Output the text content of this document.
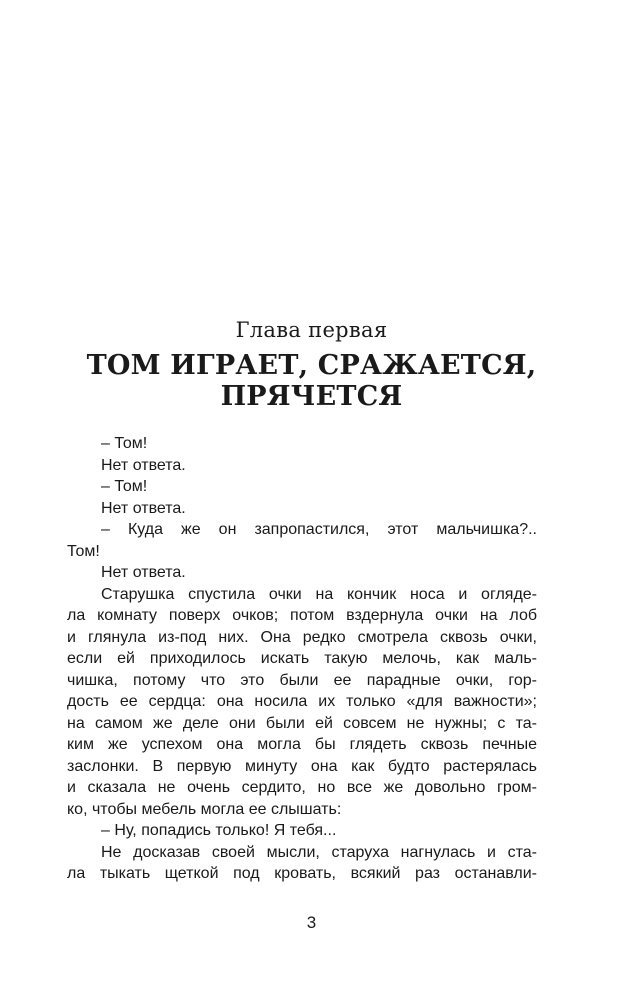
Глава первая
ТОМ ИГРАЕТ, СРАЖАЕТСЯ,
ПРЯЧЕТСЯ
– Том!
Нет ответа.
– Том!
Нет ответа.
– Куда же он запропастился, этот мальчишка?..
Том!
Нет ответа.
Старушка спустила очки на кончик носа и огляде-
ла комнату поверх очков; потом вздернула очки на лоб
и глянула из-под них. Она редко смотрела сквозь очки,
если ей приходилось искать такую мелочь, как маль-
чишка, потому что это были ее парадные очки, гор-
дость ее сердца: она носила их только «для важности»;
на самом же деле они были ей совсем не нужны; с та-
ким же успехом она могла бы глядеть сквозь печные
заслонки. В первую минуту она как будто растерялась
и сказала не очень сердито, но все же довольно гром-
ко, чтобы мебель могла ее слышать:
– Ну, попадись только! Я тебя...
Не досказав своей мысли, старуха нагнулась и ста-
ла тыкать щеткой под кровать, всякий раз останавли-
3
